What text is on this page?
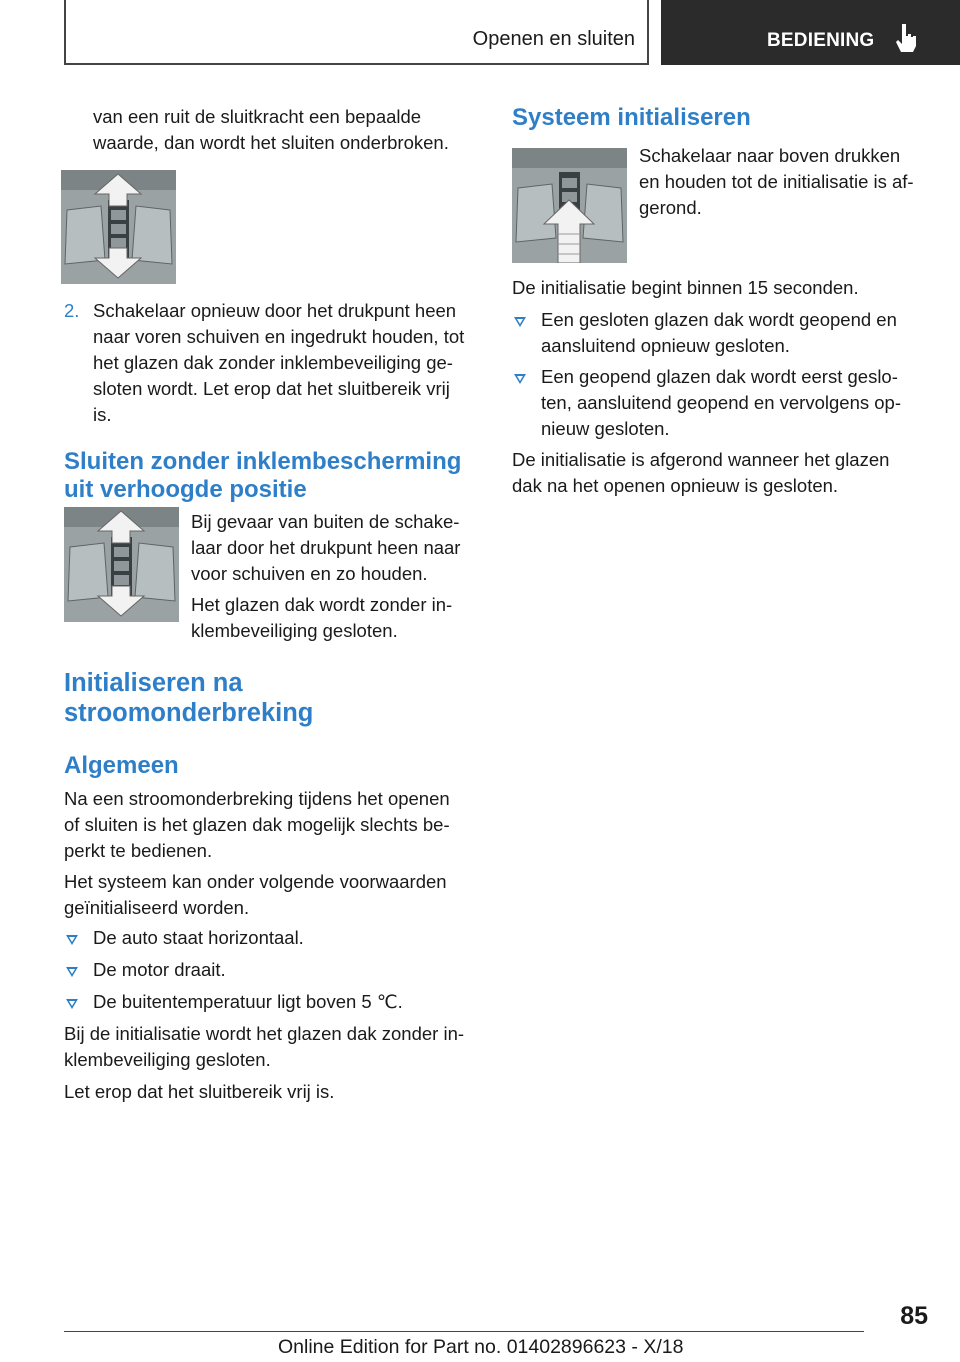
Openen en sluiten	BEDIENING
van een ruit de sluitkracht een bepaalde
waarde, dan wordt het sluiten onderbroken.
2. Schakelaar opnieuw door het drukpunt heen
naar voren schuiven en ingedrukt houden, tot
het glazen dak zonder inklembeveiliging ge‐
sloten wordt. Let erop dat het sluitbereik vrij
is.
Sluiten zonder inklembescherming
uit verhoogde positie
Bij gevaar van buiten de schake‐
laar door het drukpunt heen naar
voor schuiven en zo houden.
Het glazen dak wordt zonder in‐
klembeveiliging gesloten.
Initialiseren na
stroomonderbreking
Algemeen
Na een stroomonderbreking tijdens het openen
of sluiten is het glazen dak mogelijk slechts be‐
perkt te bedienen.
Het systeem kan onder volgende voorwaarden
geïnitialiseerd worden.
De auto staat horizontaal.
De motor draait.
De buitentemperatuur ligt boven 5 ℃.
Bij de initialisatie wordt het glazen dak zonder in‐
klembeveiliging gesloten.
Let erop dat het sluitbereik vrij is.
Systeem initialiseren
Schakelaar naar boven drukken
en houden tot de initialisatie is af‐
gerond.
De initialisatie begint binnen 15 seconden.
Een gesloten glazen dak wordt geopend en
aansluitend opnieuw gesloten.
Een geopend glazen dak wordt eerst geslo‐
ten, aansluitend geopend en vervolgens op‐
nieuw gesloten.
De initialisatie is afgerond wanneer het glazen
dak na het openen opnieuw is gesloten.
85
Online Edition for Part no. 01402896623 - X/18
